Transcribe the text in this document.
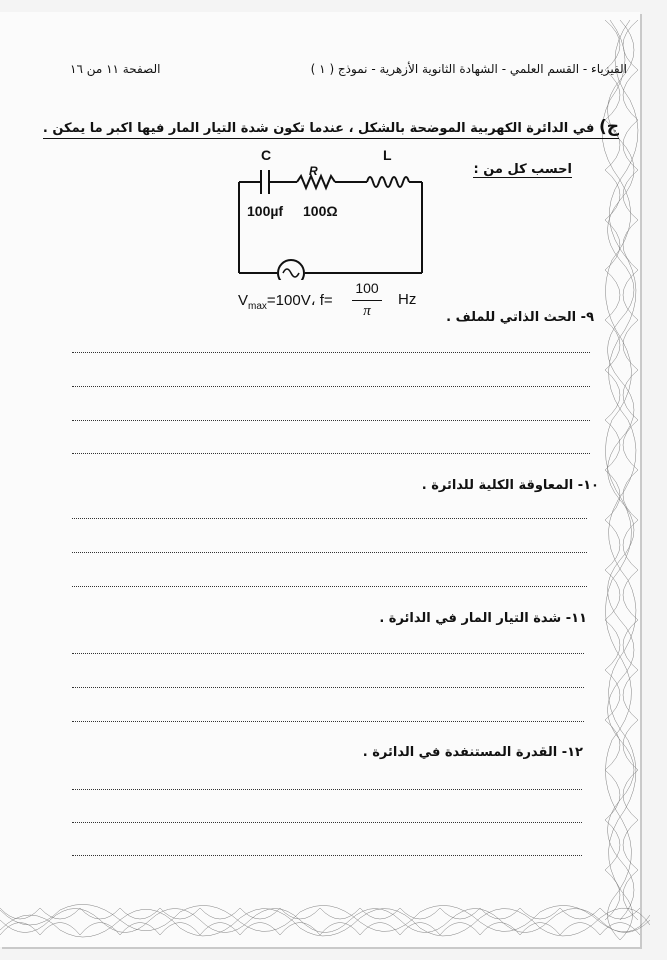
الفيزياء - القسم العلمي - الشهادة الثانوية الأزهرية - نموذج ( ١ )
الصفحة ١١ من ١٦
ج) في الدائرة الكهربية الموضحة بالشكل ، عندما تكون شدة التيار المار فيها اكبر ما يمكن .
احسب كل من :
C
R
L
100µf 100Ω
$V_{max}=100V،$ f=
100
π
Hz
٩- الحث الذاتي للملف .
١٠- المعاوقة الكلية للدائرة .
١١- شدة التيار المار في الدائرة .
١٢- القدرة المستنفدة في الدائرة .
